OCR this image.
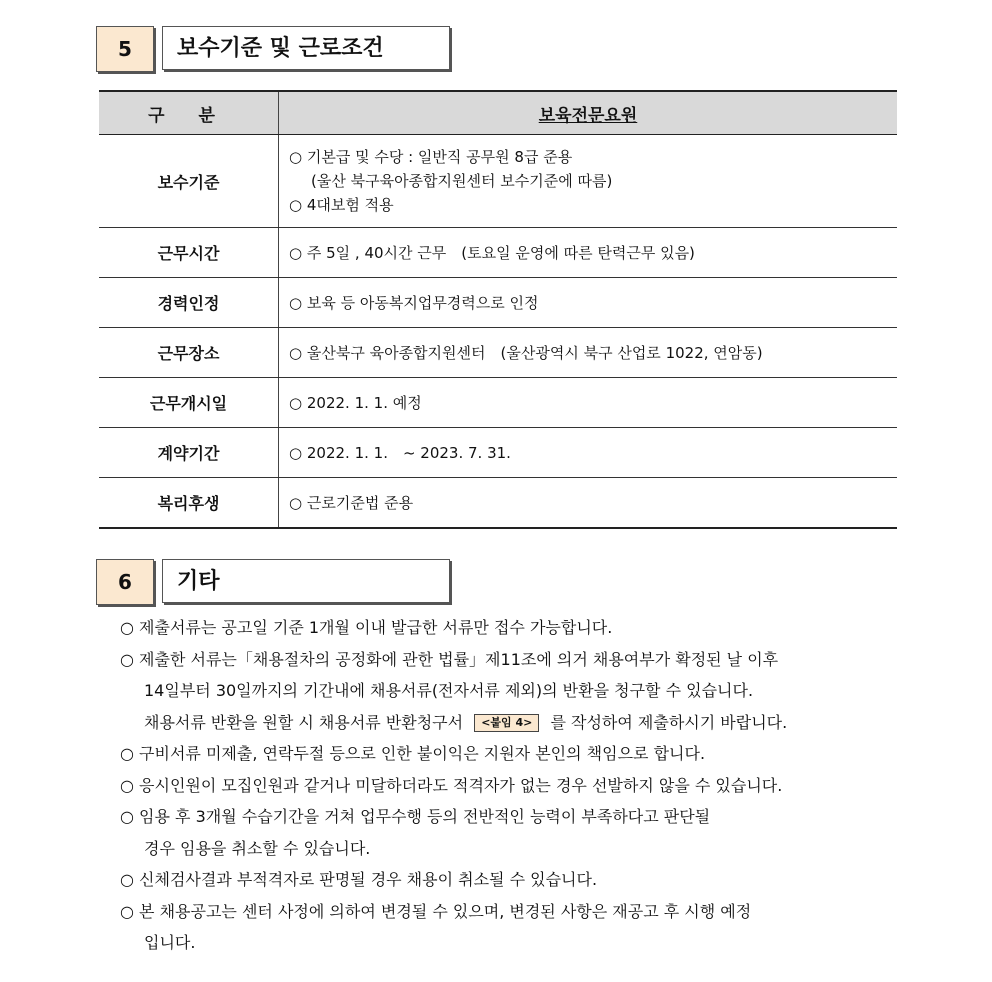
5	보수기준 및 근로조건
구 분	보육전문요원
보수기준	○ 기본급 및 수당 : 일반직 공무원 8급 준용
(울산 북구육아종합지원센터 보수기준에 따름)
○ 4대보험 적용

근무시간	○ 주 5일 , 40시간 근무　(토요일 운영에 따른 탄력근무 있음)
경력인정	○ 보육 등 아동복지업무경력으로 인정
근무장소	○ 울산북구 육아종합지원센터　(울산광역시 북구 산업로 1022, 연암동)
근무개시일	○ 2022. 1. 1. 예정
계약기간	○ 2022. 1. 1.　~ 2023. 7. 31.
복리후생	○ 근로기준법 준용
6	기타
○ 제출서류는 공고일 기준 1개월 이내 발급한 서류만 접수 가능합니다.
○ 제출한 서류는「채용절차의 공정화에 관한 법률」제11조에 의거 채용여부가 확정된 날 이후
14일부터 30일까지의 기간내에 채용서류(전자서류 제외)의 반환을 청구할 수 있습니다.
채용서류 반환을 원할 시 채용서류 반환청구서 <붙임 4> 를 작성하여 제출하시기 바랍니다.
○ 구비서류 미제출, 연락두절 등으로 인한 불이익은 지원자 본인의 책임으로 합니다.
○ 응시인원이 모집인원과 같거나 미달하더라도 적격자가 없는 경우 선발하지 않을 수 있습니다.
○ 임용 후 3개월 수습기간을 거쳐 업무수행 등의 전반적인 능력이 부족하다고 판단될
경우 임용을 취소할 수 있습니다.
○ 신체검사결과 부적격자로 판명될 경우 채용이 취소될 수 있습니다.
○ 본 채용공고는 센터 사정에 의하여 변경될 수 있으며, 변경된 사항은 재공고 후 시행 예정
입니다.
